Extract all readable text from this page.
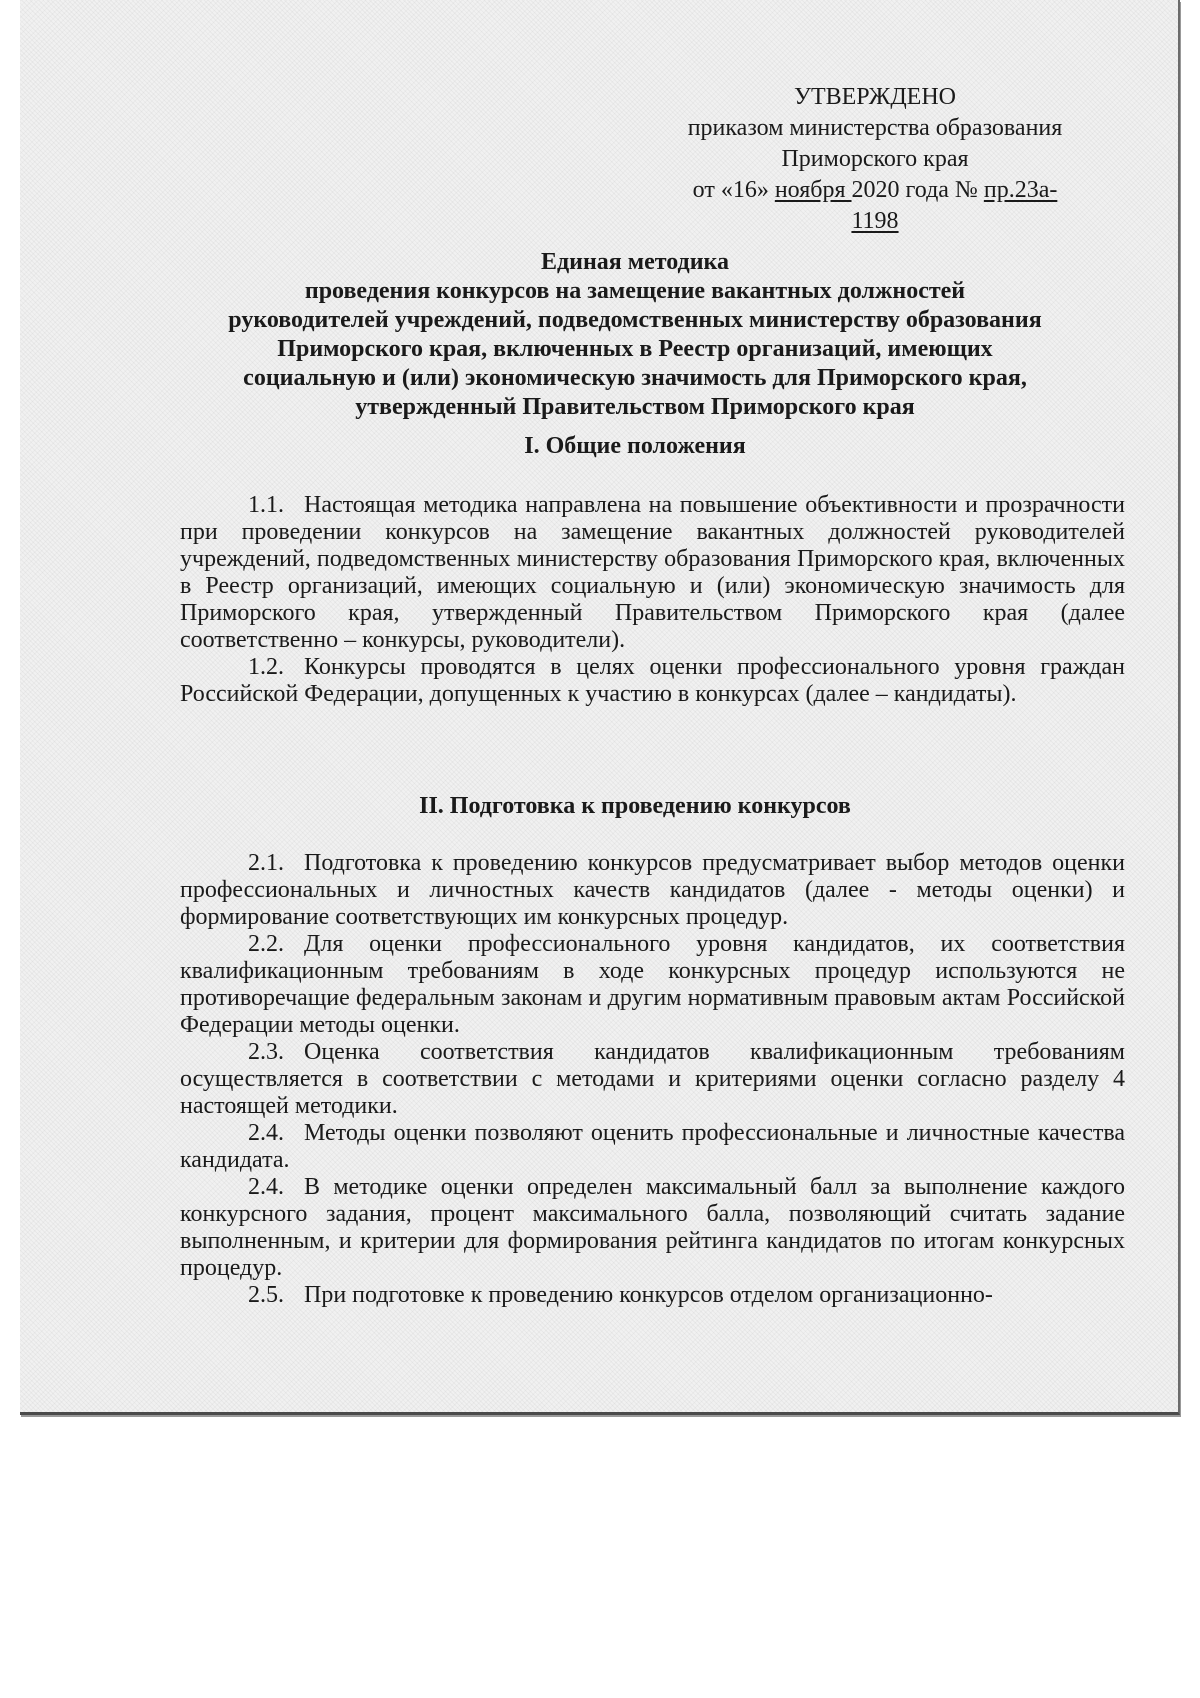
УТВЕРЖДЕНО
приказом министерства образования
Приморского края
от «16» ноября 2020 года № пр.23а-
1198
Единая методика
проведения конкурсов на замещение вакантных должностей
руководителей учреждений, подведомственных министерству образования
Приморского края, включенных в Реестр организаций, имеющих
социальную и (или) экономическую значимость для Приморского края,
утвержденный Правительством Приморского края
I. Общие положения

1.1. Настоящая методика направлена на повышение объективности и прозрачности при проведении конкурсов на замещение вакантных должностей руководителей учреждений, подведомственных министерству образования Приморского края, включенных в Реестр организаций, имеющих социальную и (или) экономическую значимость для Приморского края, утвержденный Правительством Приморского края (далее соответственно – конкурсы, руководители).

1.2. Конкурсы проводятся в целях оценки профессионального уровня граждан Российской Федерации, допущенных к участию в конкурсах (далее – кандидаты).

II. Подготовка к проведению конкурсов

2.1. Подготовка к проведению конкурсов предусматривает выбор методов оценки профессиональных и личностных качеств кандидатов (далее - методы оценки) и формирование соответствующих им конкурсных процедур.

2.2. Для оценки профессионального уровня кандидатов, их соответствия квалификационным требованиям в ходе конкурсных процедур используются не противоречащие федеральным законам и другим нормативным правовым актам Российской Федерации методы оценки.

2.3. Оценка соответствия кандидатов квалификационным требованиям осуществляется в соответствии с методами и критериями оценки согласно разделу 4 настоящей методики.

2.4. Методы оценки позволяют оценить профессиональные и личностные качества кандидата.

2.4. В методике оценки определен максимальный балл за выполнение каждого конкурсного задания, процент максимального балла, позволяющий считать задание выполненным, и критерии для формирования рейтинга кандидатов по итогам конкурсных процедур.

2.5. При подготовке к проведению конкурсов отделом организационно-
